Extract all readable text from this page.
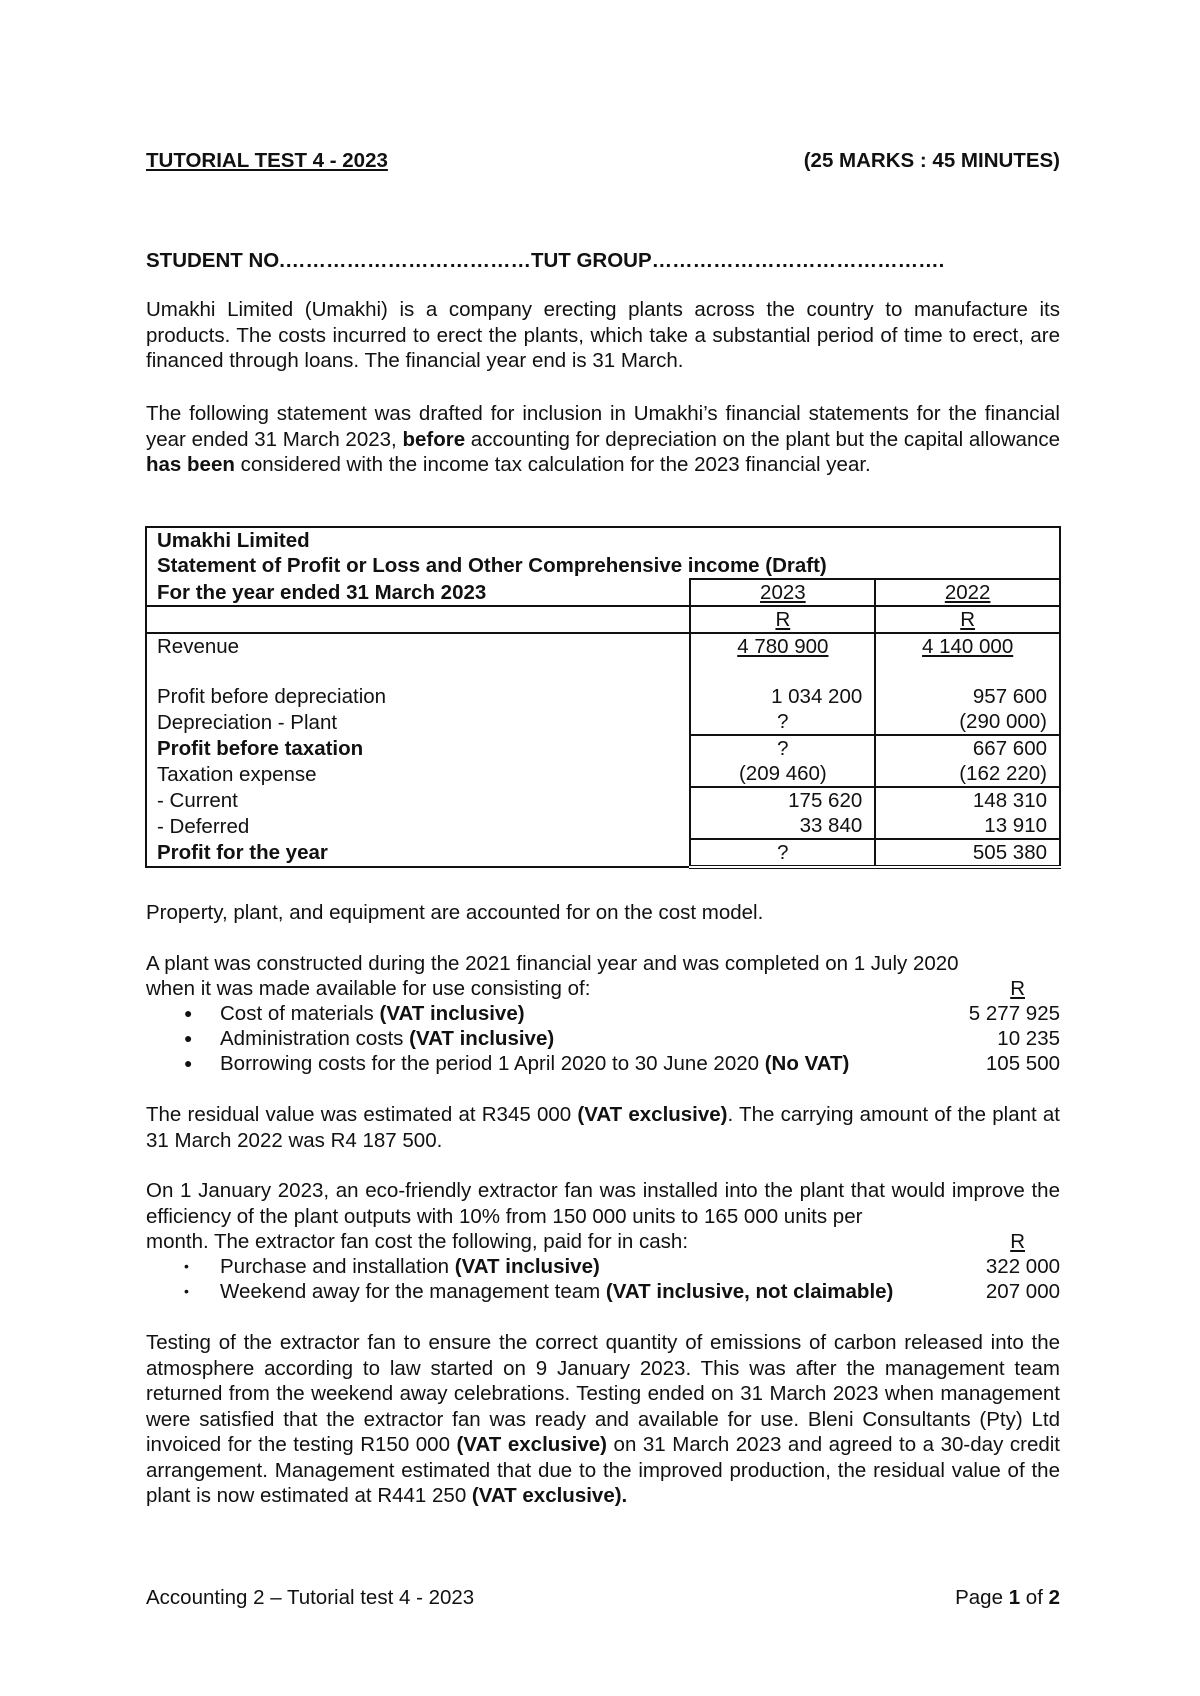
TUTORIAL TEST 4 - 2023	(25 MARKS : 45 MINUTES)
STUDENT NO.………………………………TUT GROUP…………………………………….

Umakhi Limited (Umakhi) is a company erecting plants across the country to manufacture its products. The costs incurred to erect the plants, which take a substantial period of time to erect, are financed through loans. The financial year end is 31 March.

The following statement was drafted for inclusion in Umakhi’s financial statements for the financial year ended 31 March 2023, before accounting for depreciation on the plant but the capital allowance has been considered with the income tax calculation for the 2023 financial year.

Umakhi Limited		
Statement of Profit or Loss and Other Comprehensive income (Draft)		
For the year ended 31 March 2023	2023	2022
	R	R
Revenue	4 780 900	4 140 000

Profit before depreciation	1 034 200	957 600
Depreciation - Plant	?	(290 000)
Profit before taxation	?	667 600
Taxation expense	(209 460)	(162 220)
- Current	175 620	148 310
- Deferred	33 840	13 910
Profit for the year	?	505 380

Property, plant, and equipment are accounted for on the cost model.

A plant was constructed during the 2021 financial year and was completed on 1 July 2020

when it was made available for use consisting of:	R
● Cost of materials (VAT inclusive)	5 277 925
● Administration costs (VAT inclusive)	10 235
● Borrowing costs for the period 1 April 2020 to 30 June 2020 (No VAT)	105 500

The residual value was estimated at R345 000 (VAT exclusive). The carrying amount of the plant at 31 March 2022 was R4 187 500.

On 1 January 2023, an eco-friendly extractor fan was installed into the plant that would improve the efficiency of the plant outputs with 10% from 150 000 units to 165 000 units per

month. The extractor fan cost the following, paid for in cash:	R
• Purchase and installation (VAT inclusive)	322 000
• Weekend away for the management team (VAT inclusive, not claimable)	207 000

Testing of the extractor fan to ensure the correct quantity of emissions of carbon released into the atmosphere according to law started on 9 January 2023. This was after the management team returned from the weekend away celebrations. Testing ended on 31 March 2023 when management were satisfied that the extractor fan was ready and available for use. Bleni Consultants (Pty) Ltd invoiced for the testing R150 000 (VAT exclusive) on 31 March 2023 and agreed to a 30-day credit arrangement. Management estimated that due to the improved production, the residual value of the plant is now estimated at R441 250 (VAT exclusive).

Accounting 2 – Tutorial test 4 - 2023	Page 1 of 2
